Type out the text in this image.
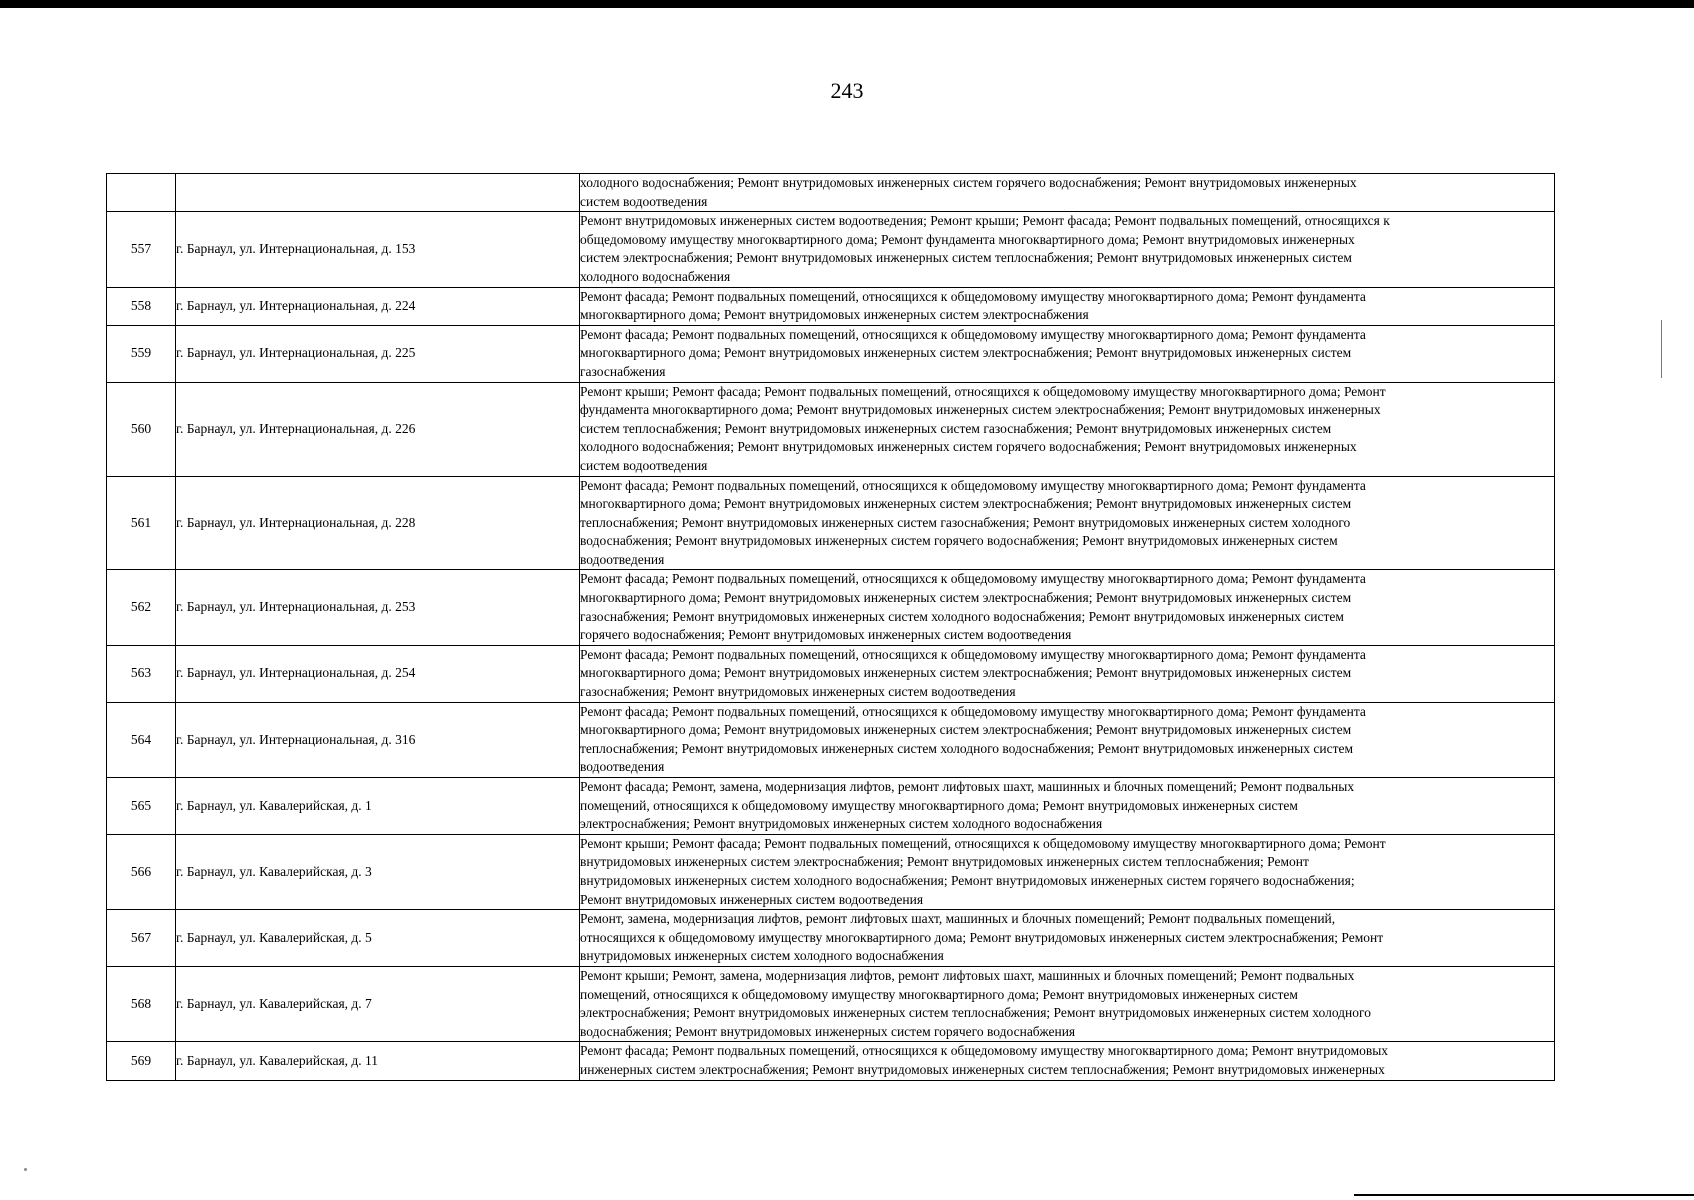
243
		холодного водоснабжения; Ремонт внутридомовых инженерных систем горячего водоснабжения; Ремонт внутридомовых инженерных
систем водоотведения
557	г. Барнаул, ул. Интернациональная, д. 153	Ремонт внутридомовых инженерных систем водоотведения; Ремонт крыши; Ремонт фасада; Ремонт подвальных помещений, относящихся к
общедомовому имуществу многоквартирного дома; Ремонт фундамента многоквартирного дома; Ремонт внутридомовых инженерных
систем электроснабжения; Ремонт внутридомовых инженерных систем теплоснабжения; Ремонт внутридомовых инженерных систем
холодного водоснабжения
558	г. Барнаул, ул. Интернациональная, д. 224	Ремонт фасада; Ремонт подвальных помещений, относящихся к общедомовому имуществу многоквартирного дома; Ремонт фундамента
многоквартирного дома; Ремонт внутридомовых инженерных систем электроснабжения
559	г. Барнаул, ул. Интернациональная, д. 225	Ремонт фасада; Ремонт подвальных помещений, относящихся к общедомовому имуществу многоквартирного дома; Ремонт фундамента
многоквартирного дома; Ремонт внутридомовых инженерных систем электроснабжения; Ремонт внутридомовых инженерных систем
газоснабжения
560	г. Барнаул, ул. Интернациональная, д. 226	Ремонт крыши; Ремонт фасада; Ремонт подвальных помещений, относящихся к общедомовому имуществу многоквартирного дома; Ремонт
фундамента многоквартирного дома; Ремонт внутридомовых инженерных систем электроснабжения; Ремонт внутридомовых инженерных
систем теплоснабжения; Ремонт внутридомовых инженерных систем газоснабжения; Ремонт внутридомовых инженерных систем
холодного водоснабжения; Ремонт внутридомовых инженерных систем горячего водоснабжения; Ремонт внутридомовых инженерных
систем водоотведения
561	г. Барнаул, ул. Интернациональная, д. 228	Ремонт фасада; Ремонт подвальных помещений, относящихся к общедомовому имуществу многоквартирного дома; Ремонт фундамента
многоквартирного дома; Ремонт внутридомовых инженерных систем электроснабжения; Ремонт внутридомовых инженерных систем
теплоснабжения; Ремонт внутридомовых инженерных систем газоснабжения; Ремонт внутридомовых инженерных систем холодного
водоснабжения; Ремонт внутридомовых инженерных систем горячего водоснабжения; Ремонт внутридомовых инженерных систем
водоотведения
562	г. Барнаул, ул. Интернациональная, д. 253	Ремонт фасада; Ремонт подвальных помещений, относящихся к общедомовому имуществу многоквартирного дома; Ремонт фундамента
многоквартирного дома; Ремонт внутридомовых инженерных систем электроснабжения; Ремонт внутридомовых инженерных систем
газоснабжения; Ремонт внутридомовых инженерных систем холодного водоснабжения; Ремонт внутридомовых инженерных систем
горячего водоснабжения; Ремонт внутридомовых инженерных систем водоотведения
563	г. Барнаул, ул. Интернациональная, д. 254	Ремонт фасада; Ремонт подвальных помещений, относящихся к общедомовому имуществу многоквартирного дома; Ремонт фундамента
многоквартирного дома; Ремонт внутридомовых инженерных систем электроснабжения; Ремонт внутридомовых инженерных систем
газоснабжения; Ремонт внутридомовых инженерных систем водоотведения
564	г. Барнаул, ул. Интернациональная, д. 316	Ремонт фасада; Ремонт подвальных помещений, относящихся к общедомовому имуществу многоквартирного дома; Ремонт фундамента
многоквартирного дома; Ремонт внутридомовых инженерных систем электроснабжения; Ремонт внутридомовых инженерных систем
теплоснабжения; Ремонт внутридомовых инженерных систем холодного водоснабжения; Ремонт внутридомовых инженерных систем
водоотведения
565	г. Барнаул, ул. Кавалерийская, д. 1	Ремонт фасада; Ремонт, замена, модернизация лифтов, ремонт лифтовых шахт, машинных и блочных помещений; Ремонт подвальных
помещений, относящихся к общедомовому имуществу многоквартирного дома; Ремонт внутридомовых инженерных систем
электроснабжения; Ремонт внутридомовых инженерных систем холодного водоснабжения
566	г. Барнаул, ул. Кавалерийская, д. 3	Ремонт крыши; Ремонт фасада; Ремонт подвальных помещений, относящихся к общедомовому имуществу многоквартирного дома; Ремонт
внутридомовых инженерных систем электроснабжения; Ремонт внутридомовых инженерных систем теплоснабжения; Ремонт
внутридомовых инженерных систем холодного водоснабжения; Ремонт внутридомовых инженерных систем горячего водоснабжения;
Ремонт внутридомовых инженерных систем водоотведения
567	г. Барнаул, ул. Кавалерийская, д. 5	Ремонт, замена, модернизация лифтов, ремонт лифтовых шахт, машинных и блочных помещений; Ремонт подвальных помещений,
относящихся к общедомовому имуществу многоквартирного дома; Ремонт внутридомовых инженерных систем электроснабжения; Ремонт
внутридомовых инженерных систем холодного водоснабжения
568	г. Барнаул, ул. Кавалерийская, д. 7	Ремонт крыши; Ремонт, замена, модернизация лифтов, ремонт лифтовых шахт, машинных и блочных помещений; Ремонт подвальных
помещений, относящихся к общедомовому имуществу многоквартирного дома; Ремонт внутридомовых инженерных систем
электроснабжения; Ремонт внутридомовых инженерных систем теплоснабжения; Ремонт внутридомовых инженерных систем холодного
водоснабжения; Ремонт внутридомовых инженерных систем горячего водоснабжения
569	г. Барнаул, ул. Кавалерийская, д. 11	Ремонт фасада; Ремонт подвальных помещений, относящихся к общедомовому имуществу многоквартирного дома; Ремонт внутридомовых
инженерных систем электроснабжения; Ремонт внутридомовых инженерных систем теплоснабжения; Ремонт внутридомовых инженерных
